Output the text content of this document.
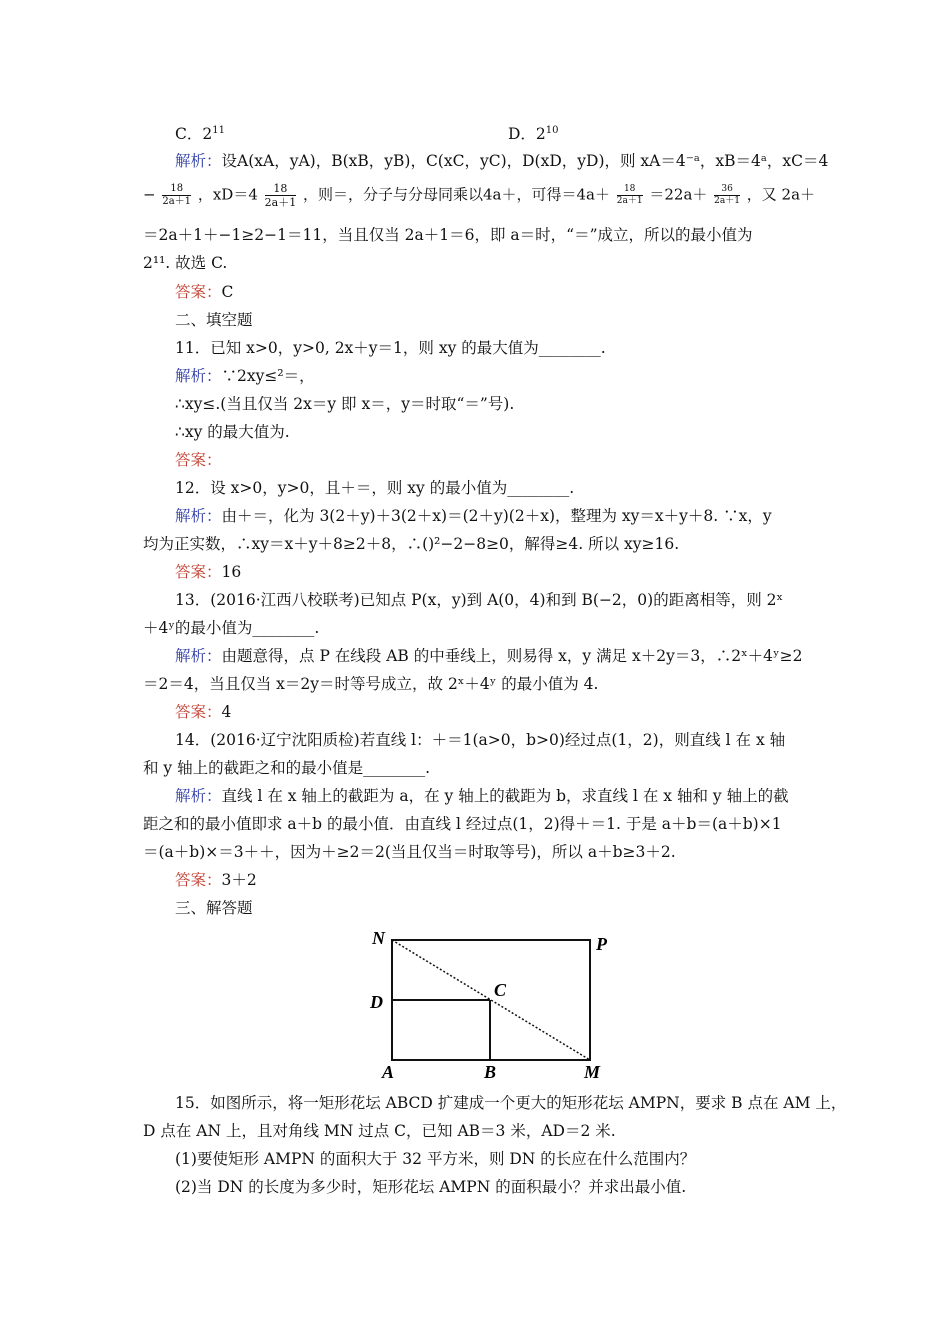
C．$2^{11}$	D．$2^{10}$
解析：设A(xA，yA)，B(xB，yB)，C(xC，yC)，D(xD，yD)，则 xA＝4⁻ᵃ，xB＝4ᵃ，xC＝4
− $\frac{18}{2a+1}$ ，$xD=4 \frac{18}{2a+1}$ ，则＝，分子与分母同乘以4a＋，可得$=4a+ \frac{18}{2a+1} =22a+ \frac{36}{2a+1}$ ，又 2a＋
＝2a＋1＋−1≥2−1＝11，当且仅当 2a＋1＝6，即 a＝时，“＝”成立，所以的最小值为
2¹¹. 故选 C.
答案：C
二、填空题
11．已知 x>0，y>0, 2x＋y＝1，则 xy 的最大值为________.
解析：∵2xy≤²＝，
∴xy≤.(当且仅当 2x＝y 即 x＝，y＝时取“＝”号).
∴xy 的最大值为.
答案：
12．设 x>0，y>0，且＋＝，则 xy 的最小值为________.
解析：由＋＝，化为 3(2＋y)＋3(2＋x)＝(2＋y)(2＋x)，整理为 xy＝x＋y＋8. ∵x，y
均为正实数，∴xy＝x＋y＋8≥2＋8，∴()²−2−8≥0，解得≥4. 所以 xy≥16.
答案：16
13．(2016·江西八校联考)已知点 P(x，y)到 A(0，4)和到 B(−2，0)的距离相等，则 2ˣ
＋4ʸ的最小值为________.
解析：由题意得，点 P 在线段 AB 的中垂线上，则易得 x，y 满足 x＋2y＝3，∴2ˣ＋4ʸ≥2
＝2＝4，当且仅当 x＝2y＝时等号成立，故 2ˣ＋4ʸ 的最小值为 4.
答案：4
14．(2016·辽宁沈阳质检)若直线 l：＋＝1(a>0，b>0)经过点(1，2)，则直线 l 在 x 轴
和 y 轴上的截距之和的最小值是________.
解析：直线 l 在 x 轴上的截距为 a，在 y 轴上的截距为 b，求直线 l 在 x 轴和 y 轴上的截
距之和的最小值即求 a＋b 的最小值．由直线 l 经过点(1，2)得＋＝1. 于是 a＋b＝(a＋b)×1
＝(a＋b)×＝3＋＋，因为＋≥2＝2(当且仅当＝时取等号)，所以 a＋b≥3＋2.
答案：3＋2
三、解答题
N	P
D
C
A	B	M
15．如图所示，将一矩形花坛 ABCD 扩建成一个更大的矩形花坛 AMPN，要求 B 点在 AM 上，
D 点在 AN 上，且对角线 MN 过点 C，已知 AB＝3 米，AD＝2 米.
(1)要使矩形 AMPN 的面积大于 32 平方米，则 DN 的长应在什么范围内？
(2)当 DN 的长度为多少时，矩形花坛 AMPN 的面积最小？并求出最小值.
